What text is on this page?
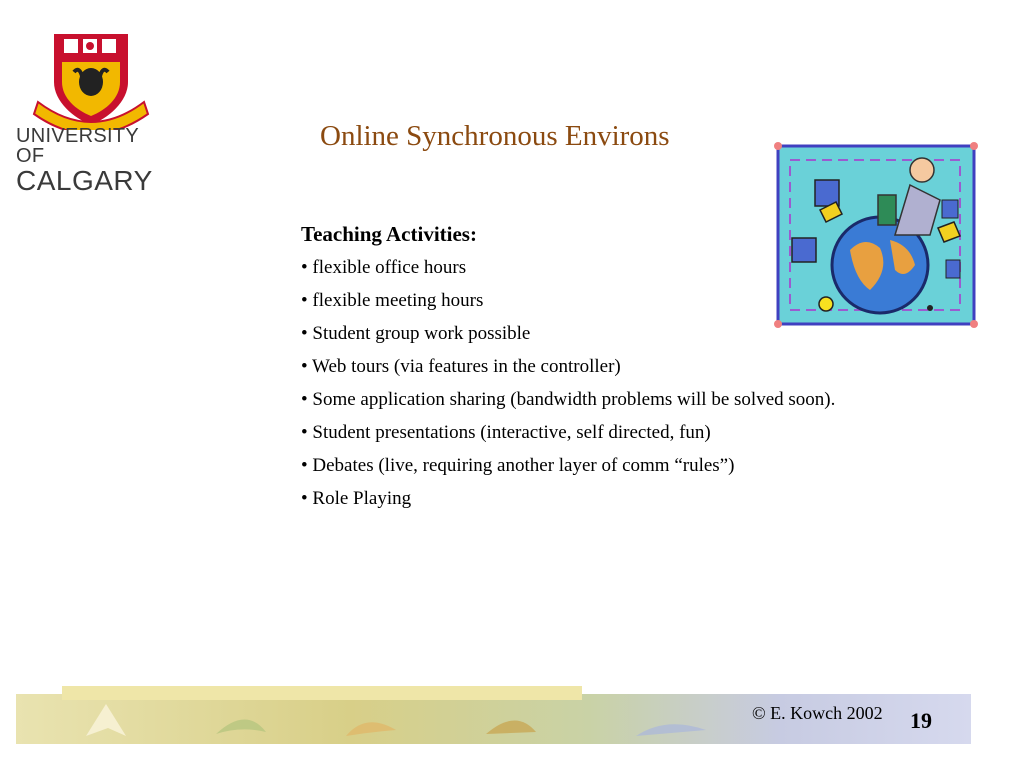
UNIVERSITY OF
CALGARY
Online Synchronous Environs
Teaching Activities:
• flexible office hours
• flexible meeting hours
• Student group work possible
• Web tours (via features in the controller)
• Some application sharing (bandwidth problems will be solved soon).
• Student presentations (interactive, self directed, fun)
• Debates (live, requiring another layer of comm “rules”)
• Role Playing
© E. Kowch 2002 19
